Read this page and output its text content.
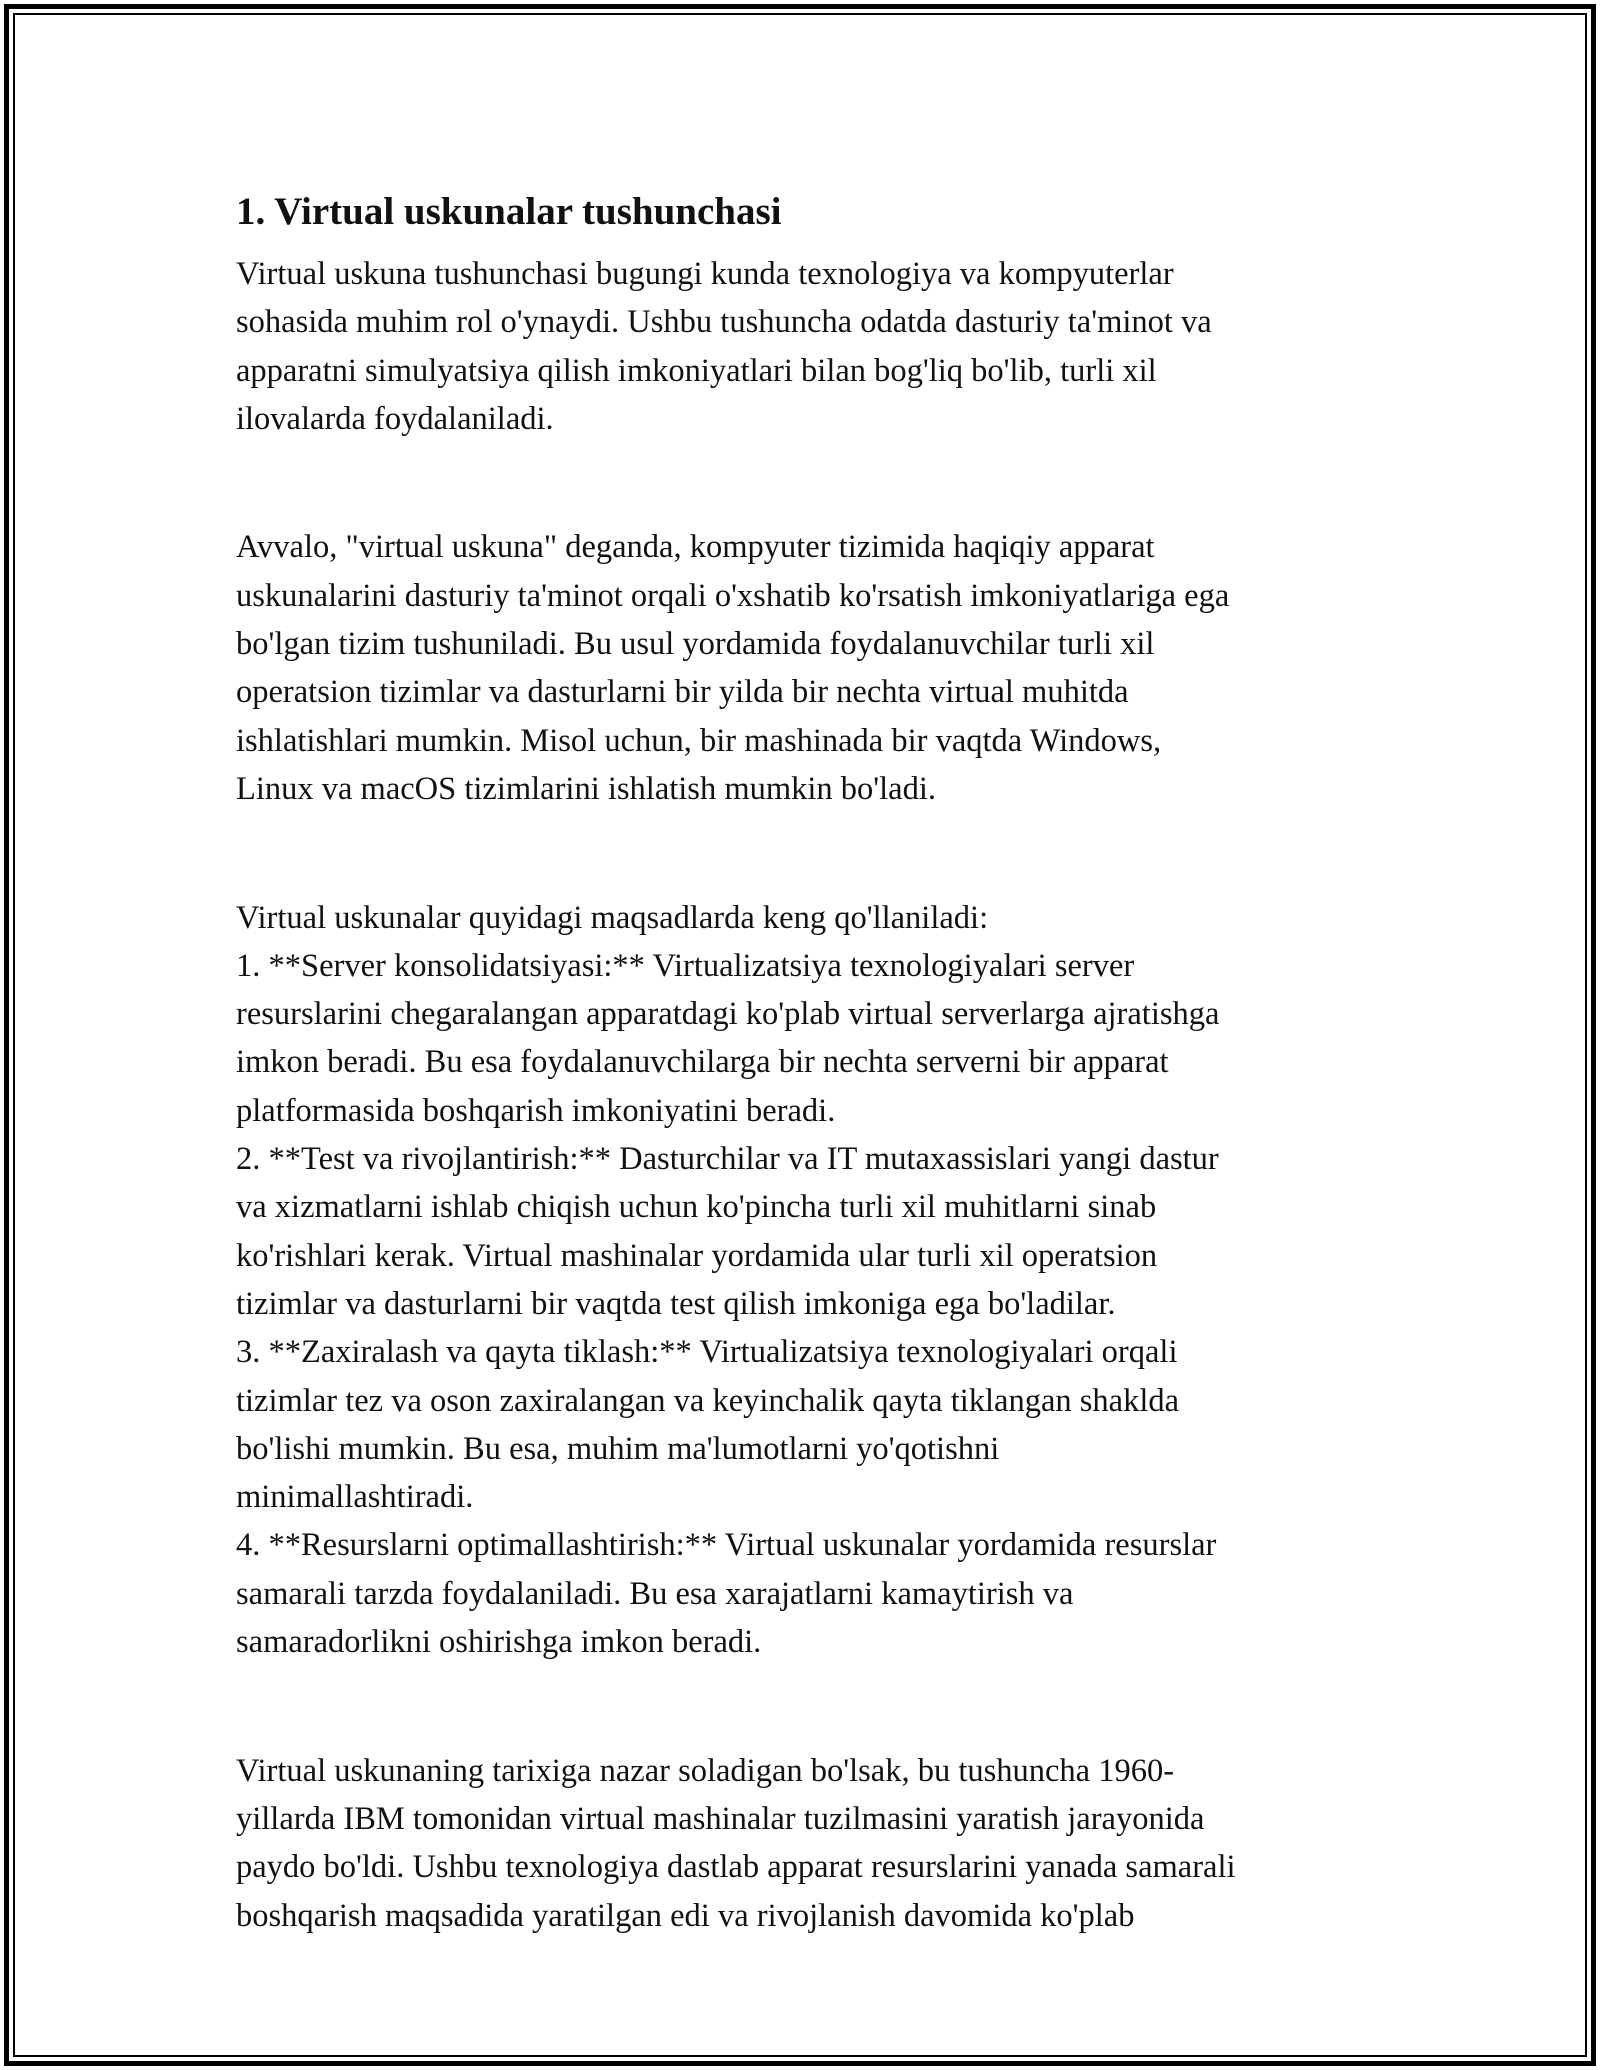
1. Virtual uskunalar tushunchasi

Virtual uskuna tushunchasi bugungi kunda texnologiya va kompyuterlar

sohasida muhim rol o'ynaydi. Ushbu tushuncha odatda dasturiy ta'minot va

apparatni simulyatsiya qilish imkoniyatlari bilan bog'liq bo'lib, turli xil

ilovalarda foydalaniladi.

Avvalo, "virtual uskuna" deganda, kompyuter tizimida haqiqiy apparat

uskunalarini dasturiy ta'minot orqali o'xshatib ko'rsatish imkoniyatlariga ega

bo'lgan tizim tushuniladi. Bu usul yordamida foydalanuvchilar turli xil

operatsion tizimlar va dasturlarni bir yilda bir nechta virtual muhitda

ishlatishlari mumkin. Misol uchun, bir mashinada bir vaqtda Windows,

Linux va macOS tizimlarini ishlatish mumkin bo'ladi.

Virtual uskunalar quyidagi maqsadlarda keng qo'llaniladi:

1. **Server konsolidatsiyasi:** Virtualizatsiya texnologiyalari server

resurslarini chegaralangan apparatdagi ko'plab virtual serverlarga ajratishga

imkon beradi. Bu esa foydalanuvchilarga bir nechta serverni bir apparat

platformasida boshqarish imkoniyatini beradi.

2. **Test va rivojlantirish:** Dasturchilar va IT mutaxassislari yangi dastur

va xizmatlarni ishlab chiqish uchun ko'pincha turli xil muhitlarni sinab

ko'rishlari kerak. Virtual mashinalar yordamida ular turli xil operatsion

tizimlar va dasturlarni bir vaqtda test qilish imkoniga ega bo'ladilar.

3. **Zaxiralash va qayta tiklash:** Virtualizatsiya texnologiyalari orqali

tizimlar tez va oson zaxiralangan va keyinchalik qayta tiklangan shaklda

bo'lishi mumkin. Bu esa, muhim ma'lumotlarni yo'qotishni

minimallashtiradi.

4. **Resurslarni optimallashtirish:** Virtual uskunalar yordamida resurslar

samarali tarzda foydalaniladi. Bu esa xarajatlarni kamaytirish va

samaradorlikni oshirishga imkon beradi.

Virtual uskunaning tarixiga nazar soladigan bo'lsak, bu tushuncha 1960-

yillarda IBM tomonidan virtual mashinalar tuzilmasini yaratish jarayonida

paydo bo'ldi. Ushbu texnologiya dastlab apparat resurslarini yanada samarali

boshqarish maqsadida yaratilgan edi va rivojlanish davomida ko'plab
